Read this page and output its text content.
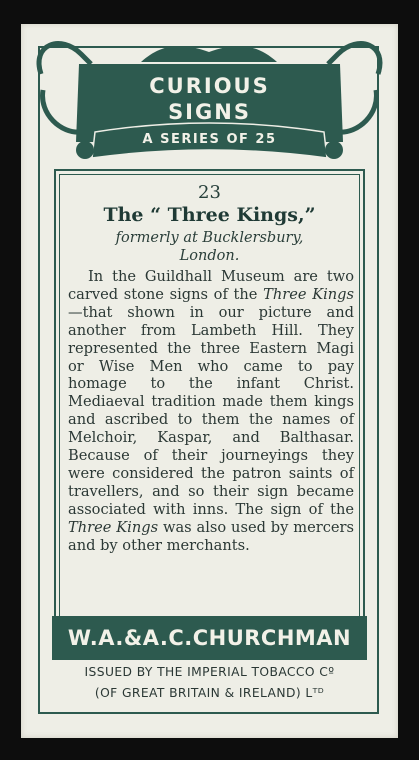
CURIOUS
SIGNS
A SERIES OF 25
23
The “ Three Kings,”
formerly at Bucklersbury,
London.
In the Guildhall Museum are two carved stone signs of the Three Kings—that shown in our picture and another from Lambeth Hill. They represented the three Eastern Magi or Wise Men who came to pay homage to the infant Christ. Mediaeval tradition made them kings and ascribed to them the names of Melchoir, Kaspar, and Balthasar. Because of their journeyings they were considered the patron saints of travellers, and so their sign became associated with inns. The sign of the Three Kings was also used by mercers and by other merchants.
W.A.&A.C.CHURCHMAN
ISSUED BY THE IMPERIAL TOBACCO Cº
(OF GREAT BRITAIN & IRELAND) Lᵀᴰ
